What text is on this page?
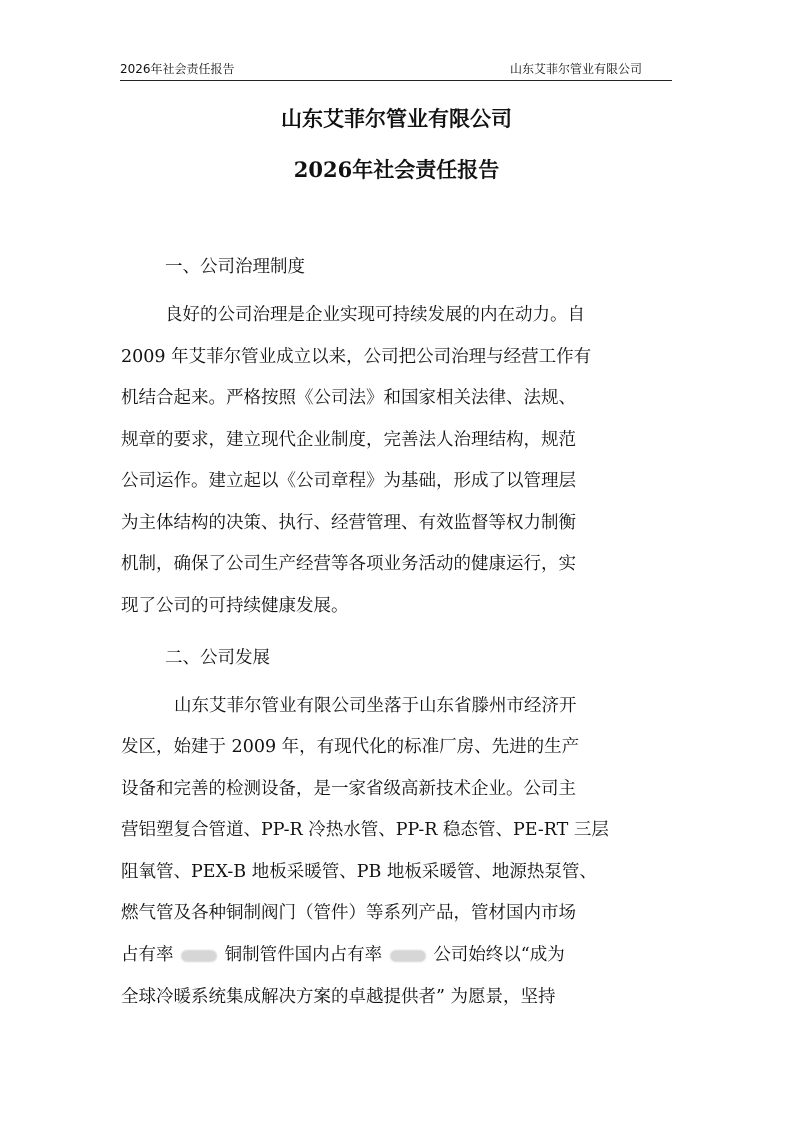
2026年社会责任报告	山东艾菲尔管业有限公司
山东艾菲尔管业有限公司
2026年社会责任报告
一、公司治理制度
良好的公司治理是企业实现可持续发展的内在动力。自
2009 年艾菲尔管业成立以来，公司把公司治理与经营工作有
机结合起来。严格按照《公司法》和国家相关法律、法规、
规章的要求，建立现代企业制度，完善法人治理结构，规范
公司运作。建立起以《公司章程》为基础，形成了以管理层
为主体结构的决策、执行、经营管理、有效监督等权力制衡
机制，确保了公司生产经营等各项业务活动的健康运行，实
现了公司的可持续健康发展。
二、公司发展
山东艾菲尔管业有限公司坐落于山东省滕州市经济开
发区，始建于 2009 年，有现代化的标准厂房、先进的生产
设备和完善的检测设备，是一家省级高新技术企业。公司主
营铝塑复合管道、PP-R 冷热水管、PP-R 稳态管、PE-RT 三层
阻氧管、PEX-B 地板采暖管、PB 地板采暖管、地源热泵管、
燃气管及各种铜制阀门（管件）等系列产品，管材国内市场
占有率	铜制管件国内占有率	公司始终以“成为
全球冷暖系统集成解决方案的卓越提供者” 为愿景，坚持
